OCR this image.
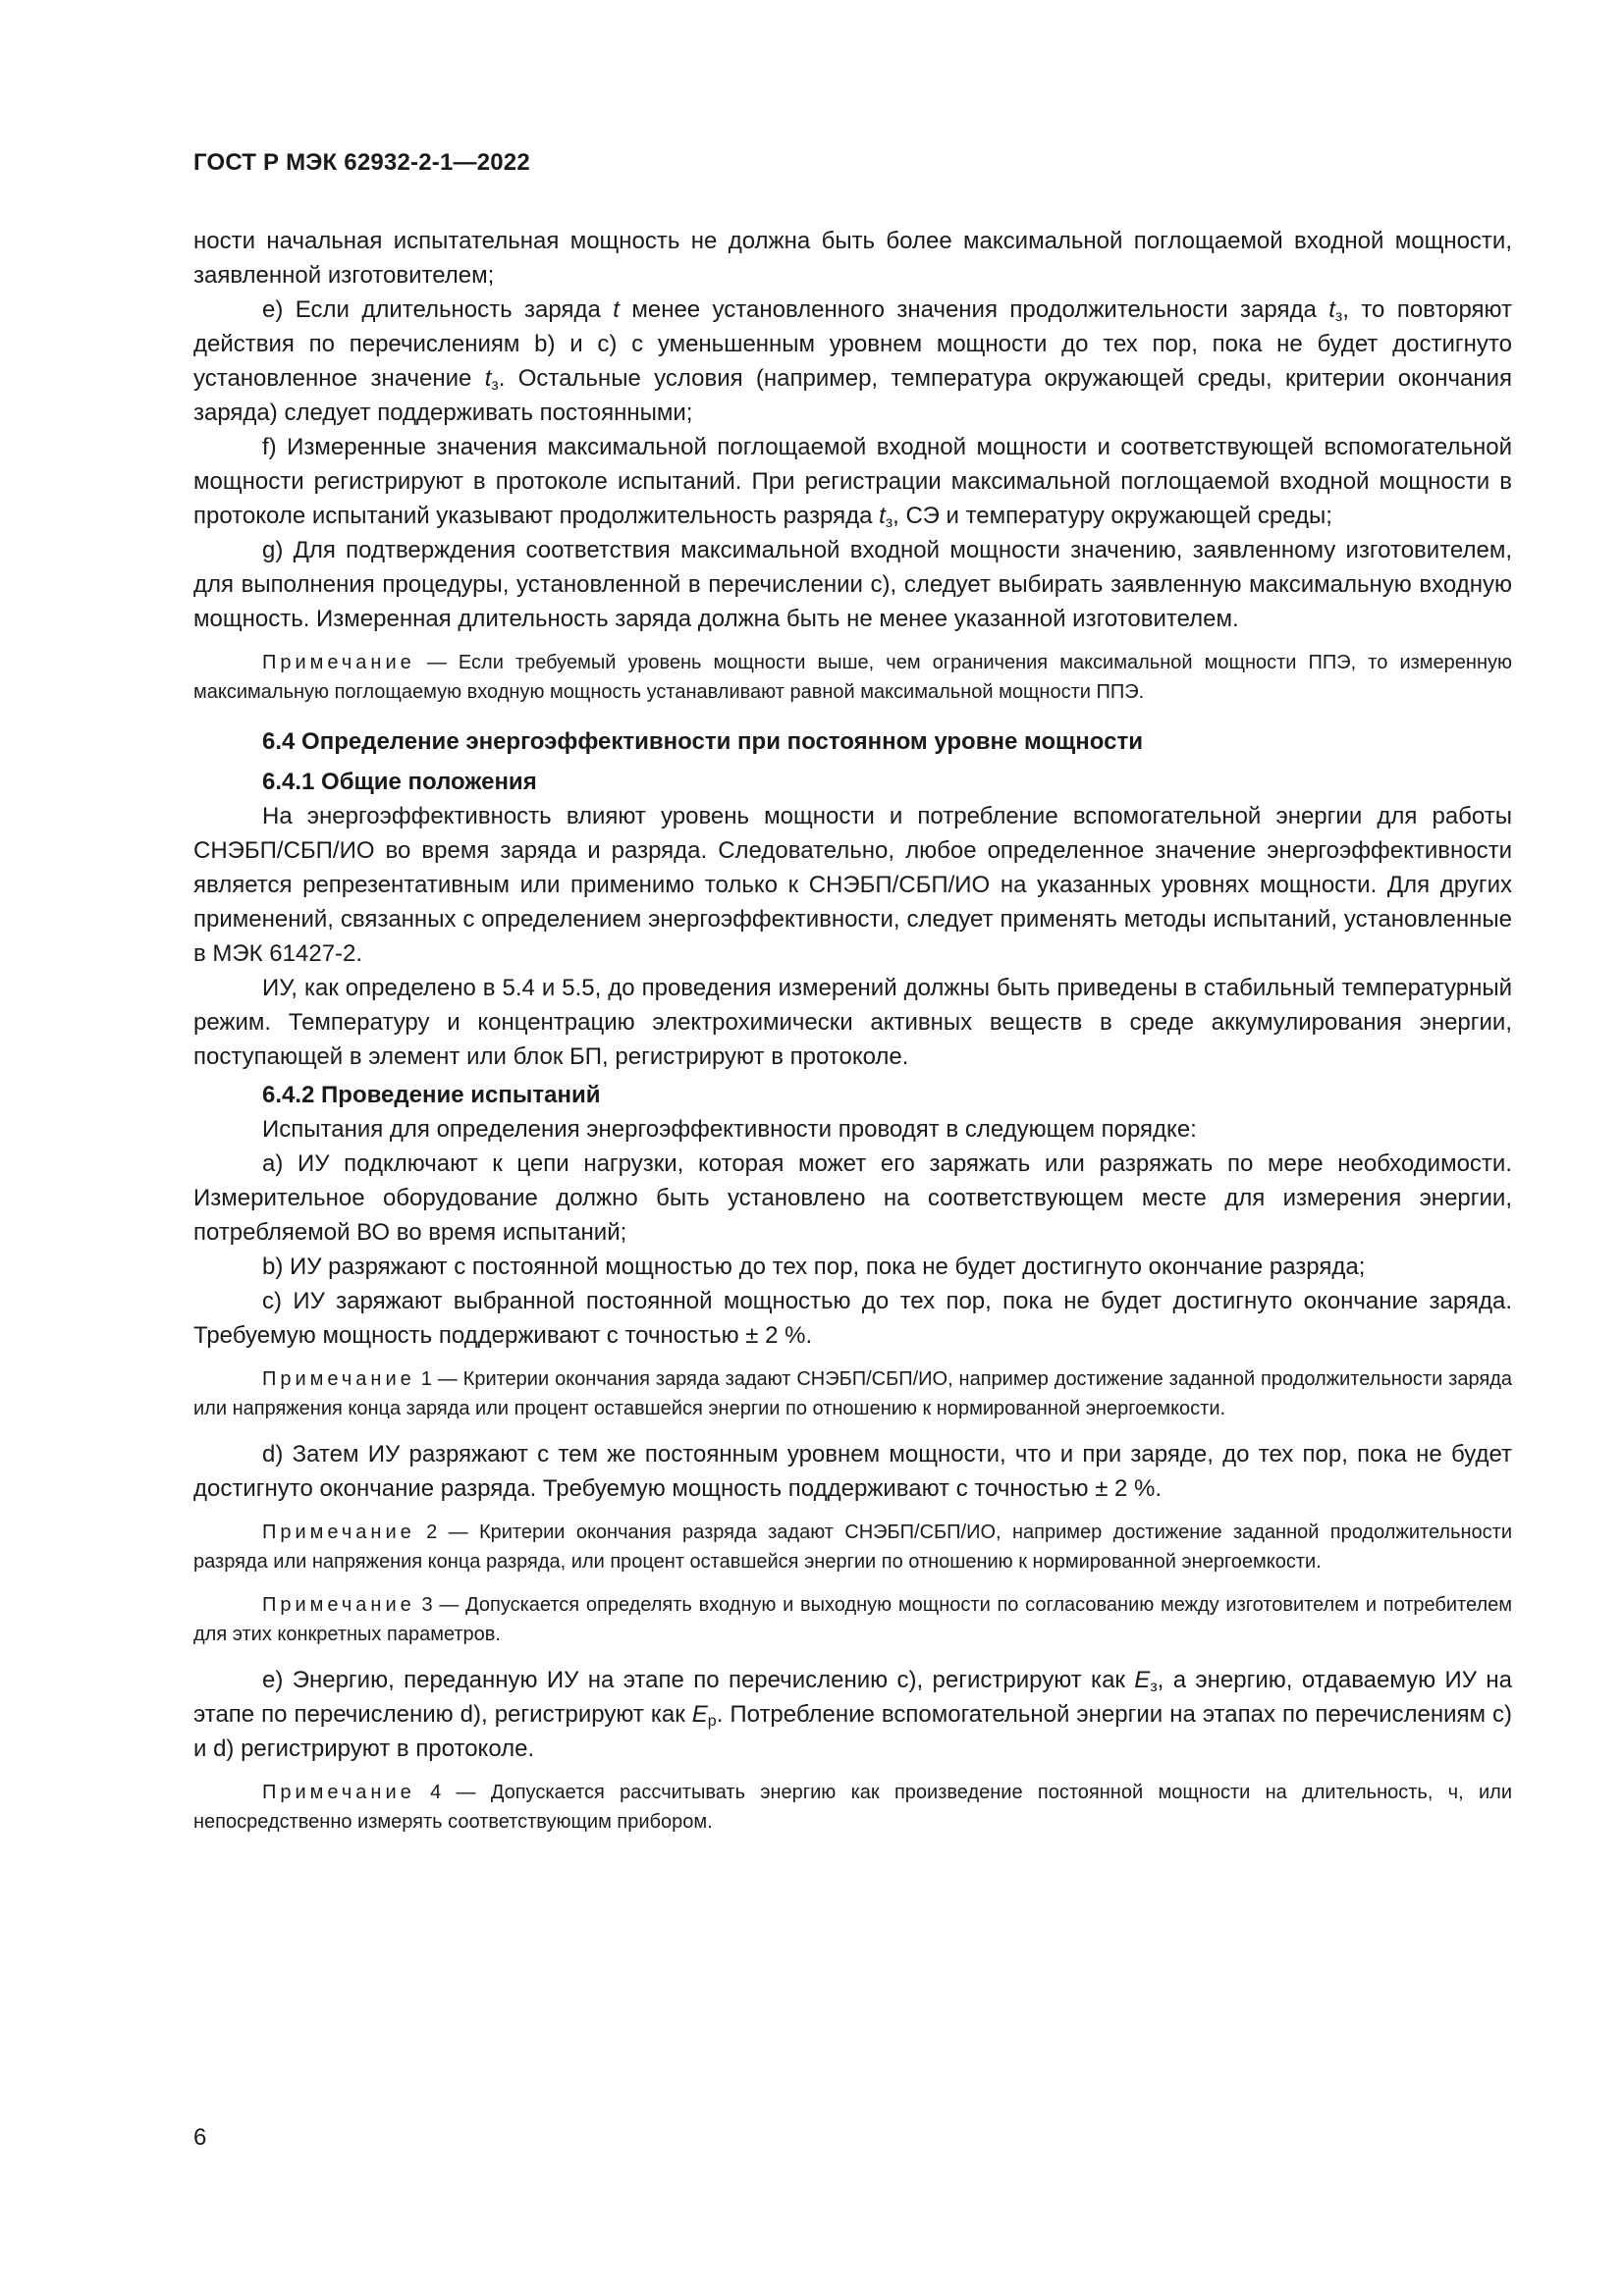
ГОСТ Р МЭК 62932-2-1—2022

ности начальная испытательная мощность не должна быть более максимальной поглощаемой входной мощности, заявленной изготовителем;

e) Если длительность заряда t менее установленного значения продолжительности заряда $t_з$, то повторяют действия по перечислениям b) и c) с уменьшенным уровнем мощности до тех пор, пока не будет достигнуто установленное значение $t_з$. Остальные условия (например, температура окружающей среды, критерии окончания заряда) следует поддерживать постоянными;

f) Измеренные значения максимальной поглощаемой входной мощности и соответствующей вспомогательной мощности регистрируют в протоколе испытаний. При регистрации максимальной поглощаемой входной мощности в протоколе испытаний указывают продолжительность разряда $t_з$, СЭ и температуру окружающей среды;

g) Для подтверждения соответствия максимальной входной мощности значению, заявленному изготовителем, для выполнения процедуры, установленной в перечислении c), следует выбирать заявленную максимальную входную мощность. Измеренная длительность заряда должна быть не менее указанной изготовителем.

Примечание — Если требуемый уровень мощности выше, чем ограничения максимальной мощности ППЭ, то измеренную максимальную поглощаемую входную мощность устанавливают равной максимальной мощности ППЭ.

6.4 Определение энергоэффективности при постоянном уровне мощности

6.4.1 Общие положения

На энергоэффективность влияют уровень мощности и потребление вспомогательной энергии для работы СНЭБП/СБП/ИО во время заряда и разряда. Следовательно, любое определенное значение энергоэффективности является репрезентативным или применимо только к СНЭБП/СБП/ИО на указанных уровнях мощности. Для других применений, связанных с определением энергоэффективности, следует применять методы испытаний, установленные в МЭК 61427-2.

ИУ, как определено в 5.4 и 5.5, до проведения измерений должны быть приведены в стабильный температурный режим. Температуру и концентрацию электрохимически активных веществ в среде аккумулирования энергии, поступающей в элемент или блок БП, регистрируют в протоколе.

6.4.2 Проведение испытаний

Испытания для определения энергоэффективности проводят в следующем порядке:

a) ИУ подключают к цепи нагрузки, которая может его заряжать или разряжать по мере необходимости. Измерительное оборудование должно быть установлено на соответствующем месте для измерения энергии, потребляемой ВО во время испытаний;

b) ИУ разряжают с постоянной мощностью до тех пор, пока не будет достигнуто окончание разряда;

c) ИУ заряжают выбранной постоянной мощностью до тех пор, пока не будет достигнуто окончание заряда. Требуемую мощность поддерживают с точностью ± 2 %.

Примечание 1 — Критерии окончания заряда задают СНЭБП/СБП/ИО, например достижение заданной продолжительности заряда или напряжения конца заряда или процент оставшейся энергии по отношению к нормированной энергоемкости.

d) Затем ИУ разряжают с тем же постоянным уровнем мощности, что и при заряде, до тех пор, пока не будет достигнуто окончание разряда. Требуемую мощность поддерживают с точностью ± 2 %.

Примечание 2 — Критерии окончания разряда задают СНЭБП/СБП/ИО, например достижение заданной продолжительности разряда или напряжения конца разряда, или процент оставшейся энергии по отношению к нормированной энергоемкости.

Примечание 3 — Допускается определять входную и выходную мощности по согласованию между изготовителем и потребителем для этих конкретных параметров.

e) Энергию, переданную ИУ на этапе по перечислению c), регистрируют как $E_з$, а энергию, отдаваемую ИУ на этапе по перечислению d), регистрируют как $E_р$. Потребление вспомогательной энергии на этапах по перечислениям c) и d) регистрируют в протоколе.

Примечание 4 — Допускается рассчитывать энергию как произведение постоянной мощности на длительность, ч, или непосредственно измерять соответствующим прибором.

6
